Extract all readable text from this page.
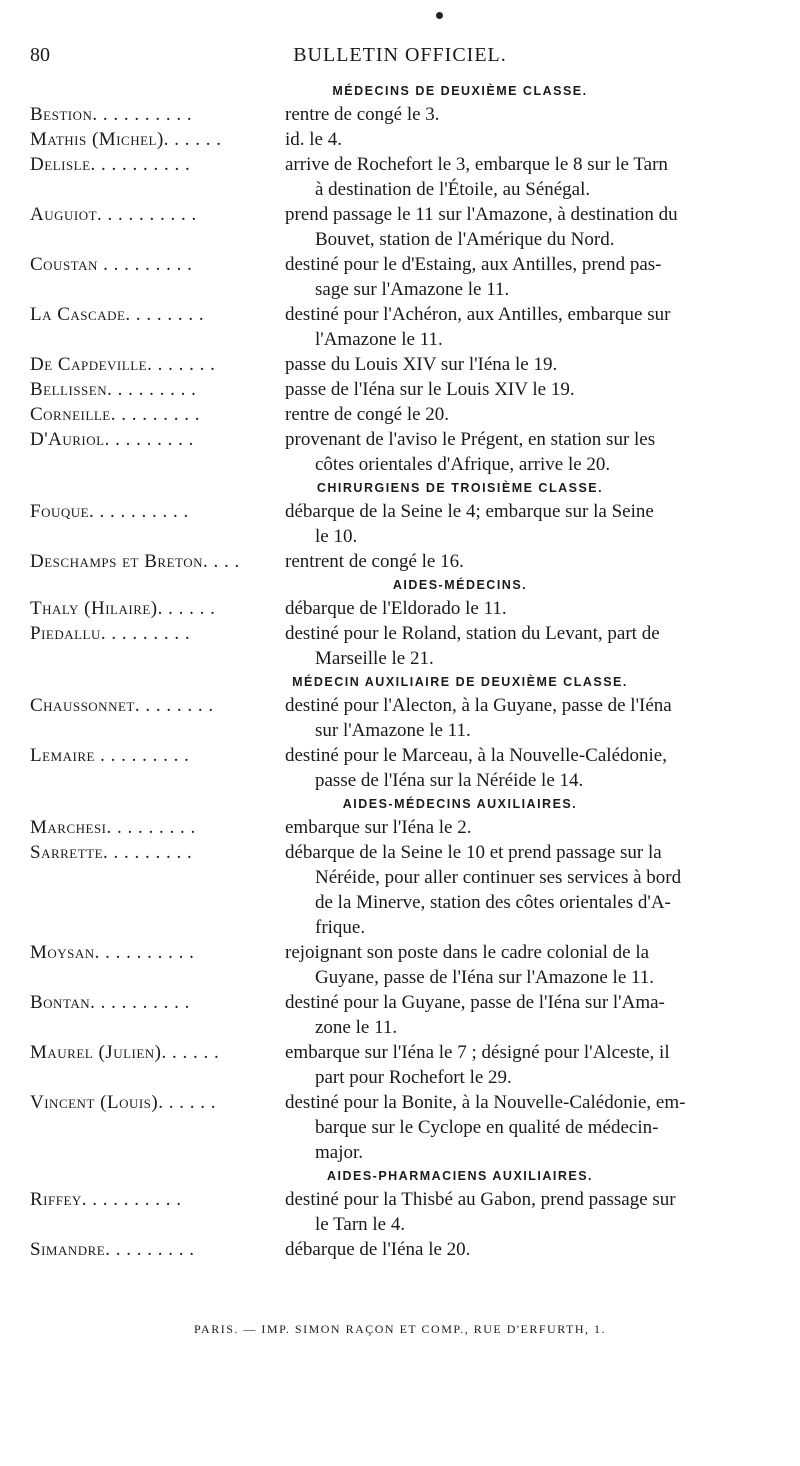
80	BULLETIN OFFICIEL.
MÉDECINS DE DEUXIÈME CLASSE.
Bestion. . . . . . . . . .	rentre de congé le 3.
Mathis (Michel). . . . . .	id. le 4.
Delisle. . . . . . . . . .	arrive de Rochefort le 3, embarque le 8 sur le Tarn
à destination de l'Étoile, au Sénégal.
Auguiot. . . . . . . . . .	prend passage le 11 sur l'Amazone, à destination du
Bouvet, station de l'Amérique du Nord.
Coustan . . . . . . . . .	destiné pour le d'Estaing, aux Antilles, prend pas-
sage sur l'Amazone le 11.
La Cascade. . . . . . . .	destiné pour l'Achéron, aux Antilles, embarque sur
l'Amazone le 11.
De Capdeville. . . . . . .	passe du Louis XIV sur l'Iéna le 19.
Bellissen. . . . . . . . .	passe de l'Iéna sur le Louis XIV le 19.
Corneille. . . . . . . . .	rentre de congé le 20.
D'Auriol. . . . . . . . .	provenant de l'aviso le Prégent, en station sur les
côtes orientales d'Afrique, arrive le 20.
CHIRURGIENS DE TROISIÈME CLASSE.
Fouque. . . . . . . . . .	débarque de la Seine le 4; embarque sur la Seine
le 10.
Deschamps et Breton. . . .	rentrent de congé le 16.
AIDES-MÉDECINS.
Thaly (Hilaire). . . . . .	débarque de l'Eldorado le 11.
Piedallu. . . . . . . . .	destiné pour le Roland, station du Levant, part de
Marseille le 21.
MÉDECIN AUXILIAIRE DE DEUXIÈME CLASSE.
Chaussonnet. . . . . . . .	destiné pour l'Alecton, à la Guyane, passe de l'Iéna
sur l'Amazone le 11.
Lemaire . . . . . . . . .	destiné pour le Marceau, à la Nouvelle-Calédonie,
passe de l'Iéna sur la Néréide le 14.
AIDES-MÉDECINS AUXILIAIRES.
Marchesi. . . . . . . . .	embarque sur l'Iéna le 2.
Sarrette. . . . . . . . .	débarque de la Seine le 10 et prend passage sur la
Néréide, pour aller continuer ses services à bord
de la Minerve, station des côtes orientales d'A-
frique.
Moysan. . . . . . . . . .	rejoignant son poste dans le cadre colonial de la
Guyane, passe de l'Iéna sur l'Amazone le 11.
Bontan. . . . . . . . . .	destiné pour la Guyane, passe de l'Iéna sur l'Ama-
zone le 11.
Maurel (Julien). . . . . .	embarque sur l'Iéna le 7 ; désigné pour l'Alceste, il
part pour Rochefort le 29.
Vincent (Louis). . . . . .	destiné pour la Bonite, à la Nouvelle-Calédonie, em-
barque sur le Cyclope en qualité de médecin-
major.
AIDES-PHARMACIENS AUXILIAIRES.
Riffey. . . . . . . . . .	destiné pour la Thisbé au Gabon, prend passage sur
le Tarn le 4.
Simandre. . . . . . . . .	débarque de l'Iéna le 20.
PARIS. — IMP. SIMON RAÇON ET COMP., RUE D'ERFURTH, 1.
